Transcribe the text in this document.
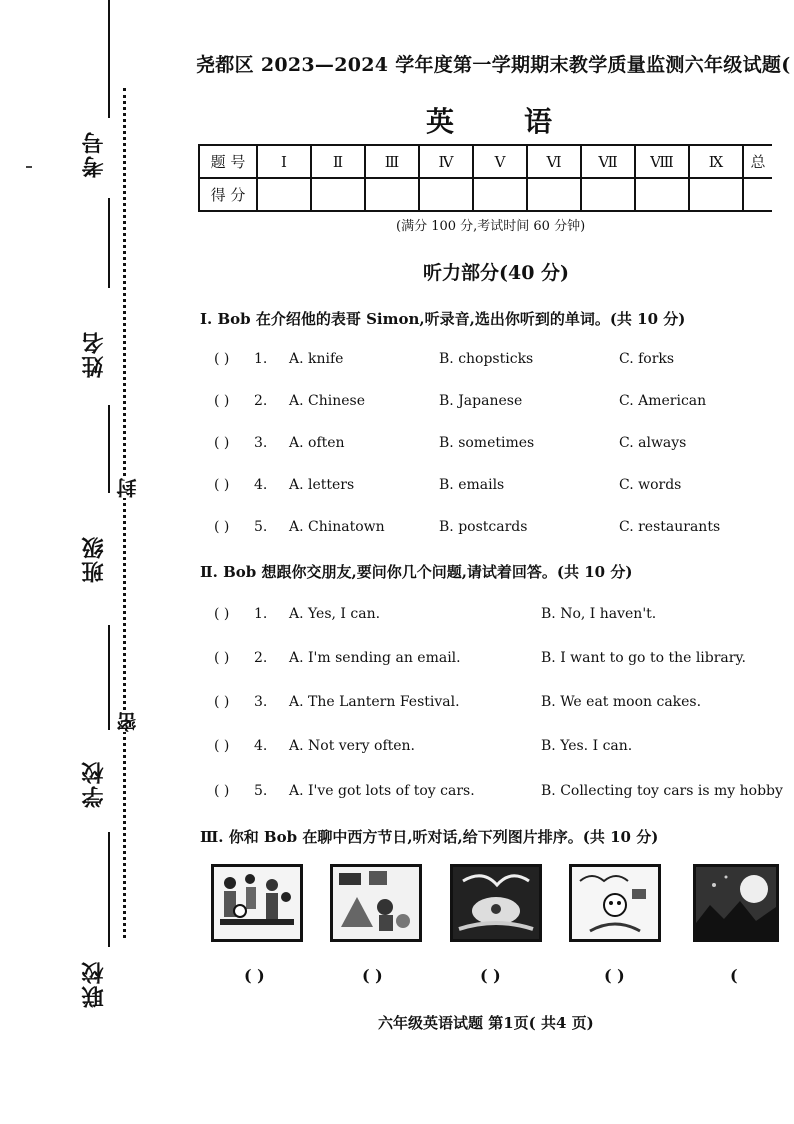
考号
姓名
班级
学校
联校
封
密
尧都区 2023—2024 学年度第一学期期末教学质量监测六年级试题(
英语
题 号	Ⅰ	Ⅱ	Ⅲ	Ⅳ	Ⅴ	Ⅵ	Ⅶ	Ⅷ	Ⅸ	总
得 分										
(满分 100 分,考试时间 60 分钟)
听力部分(40 分)
Ⅰ. Bob 在介绍他的表哥 Simon,听录音,选出你听到的单词。(共 10 分)
( ) 1. A. knife	B. chopsticks	C. forks
( ) 2. A. Chinese	B. Japanese	C. American
( ) 3. A. often	B. sometimes	C. always
( ) 4. A. letters	B. emails	C. words
( ) 5. A. Chinatown	B. postcards	C. restaurants
Ⅱ. Bob 想跟你交朋友,要问你几个问题,请试着回答。(共 10 分)
( ) 1. A. Yes, I can.	B. No, I haven't.
( ) 2. A. I'm sending an email.	B. I want to go to the library.
( ) 3. A. The Lantern Festival.	B. We eat moon cakes.
( ) 4. A. Not very often.	B. Yes. I can.
( ) 5. A. I've got lots of toy cars.	B. Collecting toy cars is my hobby
Ⅲ. 你和 Bob 在聊中西方节日,听对话,给下列图片排序。(共 10 分)
( )	( )	( )	( )	(
六年级英语试题 第1页( 共4 页)
